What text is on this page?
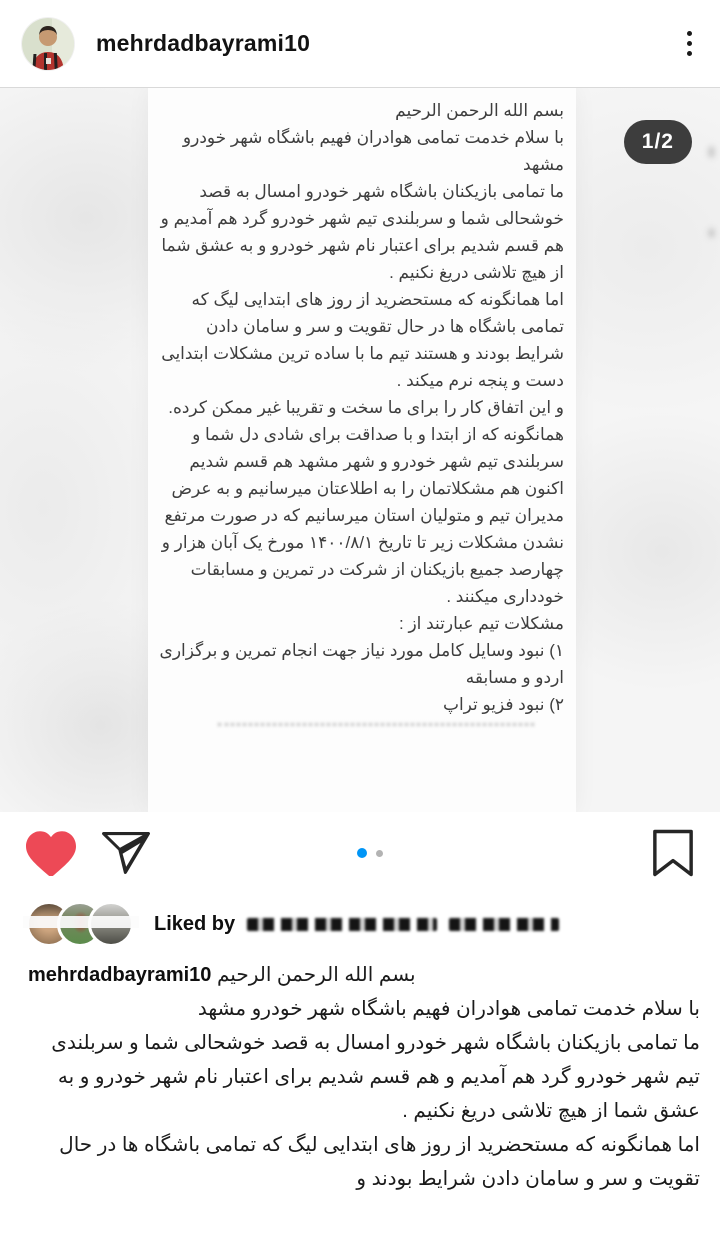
mehrdadbayrami10

بسم الله الرحمن الرحیم

با سلام خدمت تمامی هوادران فهیم باشگاه شهر خودرو مشهد

ما تمامی بازیکنان باشگاه شهر خودرو امسال به قصد خوشحالی شما و سربلندی تیم شهر خودرو گرد هم آمدیم و هم قسم شدیم برای اعتبار نام شهر خودرو و به عشق شما از هیچ تلاشی دریغ نکنیم .

اما همانگونه که مستحضرید از روز های ابتدایی لیگ که تمامی باشگاه ها در حال تقویت و سر و سامان دادن شرایط بودند و هستند تیم ما با ساده ترین مشکلات ابتدایی دست و پنجه نرم میکند .

و این اتفاق کار را برای ما سخت و تقریبا غیر ممکن کرده.

همانگونه که از ابتدا و با صداقت برای شادی دل شما و سربلندی تیم شهر خودرو و شهر مشهد هم قسم شدیم اکنون هم مشکلاتمان را به اطلاعتان میرسانیم و به عرض مدیران تیم و متولیان استان میرسانیم که در صورت مرتفع نشدن مشکلات زیر تا تاریخ ۱۴۰۰/۸/۱ مورخ یک آبان هزار و چهارصد جمیع بازیکنان از شرکت در تمرین و مسابقات خودداری میکنند .

مشکلات تیم عبارتند از :

۱) نبود وسایل کامل مورد نیاز جهت انجام تمرین و برگزاری اردو و مسابقه

۲) نبود فزیو تراپ

1/2
Liked by
mehrdadbayrami10 بسم الله الرحمن الرحیم

با سلام خدمت تمامی هوادران فهیم باشگاه شهر خودرو مشهد

ما تمامی بازیکنان باشگاه شهر خودرو امسال به قصد خوشحالی شما و سربلندی تیم شهر خودرو گرد هم آمدیم و هم قسم شدیم برای اعتبار نام شهر خودرو و به عشق شما از هیچ تلاشی دریغ نکنیم .

اما همانگونه که مستحضرید از روز های ابتدایی لیگ که تمامی باشگاه ها در حال تقویت و سر و سامان دادن شرایط بودند و
